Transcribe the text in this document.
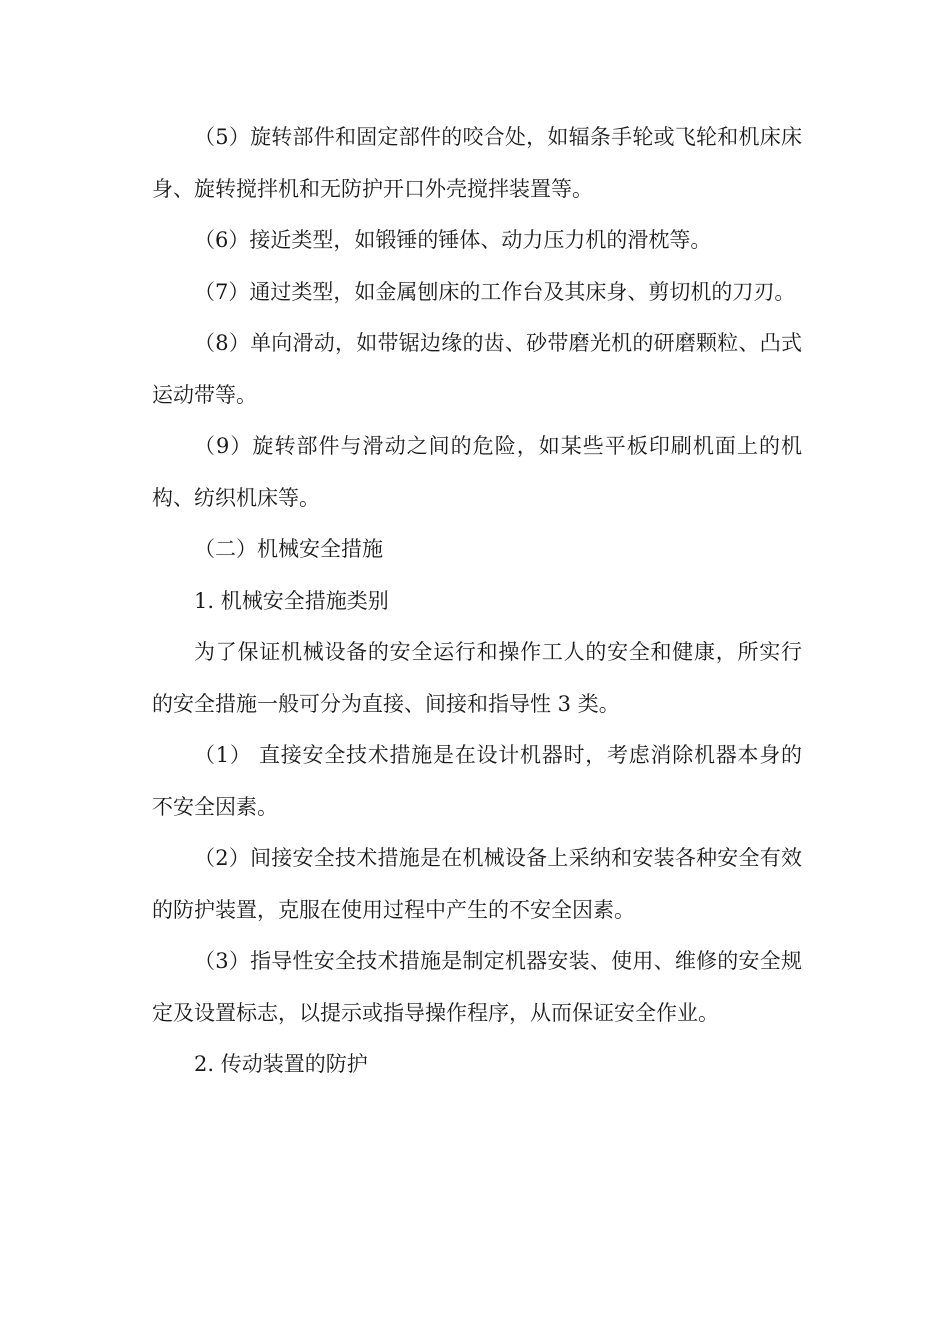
（5）旋转部件和固定部件的咬合处，如辐条手轮或飞轮和机床床身、旋转搅拌机和无防护开口外壳搅拌装置等。

（6）接近类型，如锻锤的锤体、动力压力机的滑枕等。

（7）通过类型，如金属刨床的工作台及其床身、剪切机的刀刃。

（8）单向滑动，如带锯边缘的齿、砂带磨光机的研磨颗粒、凸式运动带等。

（9）旋转部件与滑动之间的危险，如某些平板印刷机面上的机构、纺织机床等。

（二）机械安全措施

1. 机械安全措施类别

为了保证机械设备的安全运行和操作工人的安全和健康，所实行的安全措施一般可分为直接、间接和指导性 3 类。

（1） 直接安全技术措施是在设计机器时，考虑消除机器本身的不安全因素。

（2）间接安全技术措施是在机械设备上采纳和安装各种安全有效的防护装置，克服在使用过程中产生的不安全因素。

（3）指导性安全技术措施是制定机器安装、使用、维修的安全规定及设置标志，以提示或指导操作程序，从而保证安全作业。

2. 传动装置的防护
